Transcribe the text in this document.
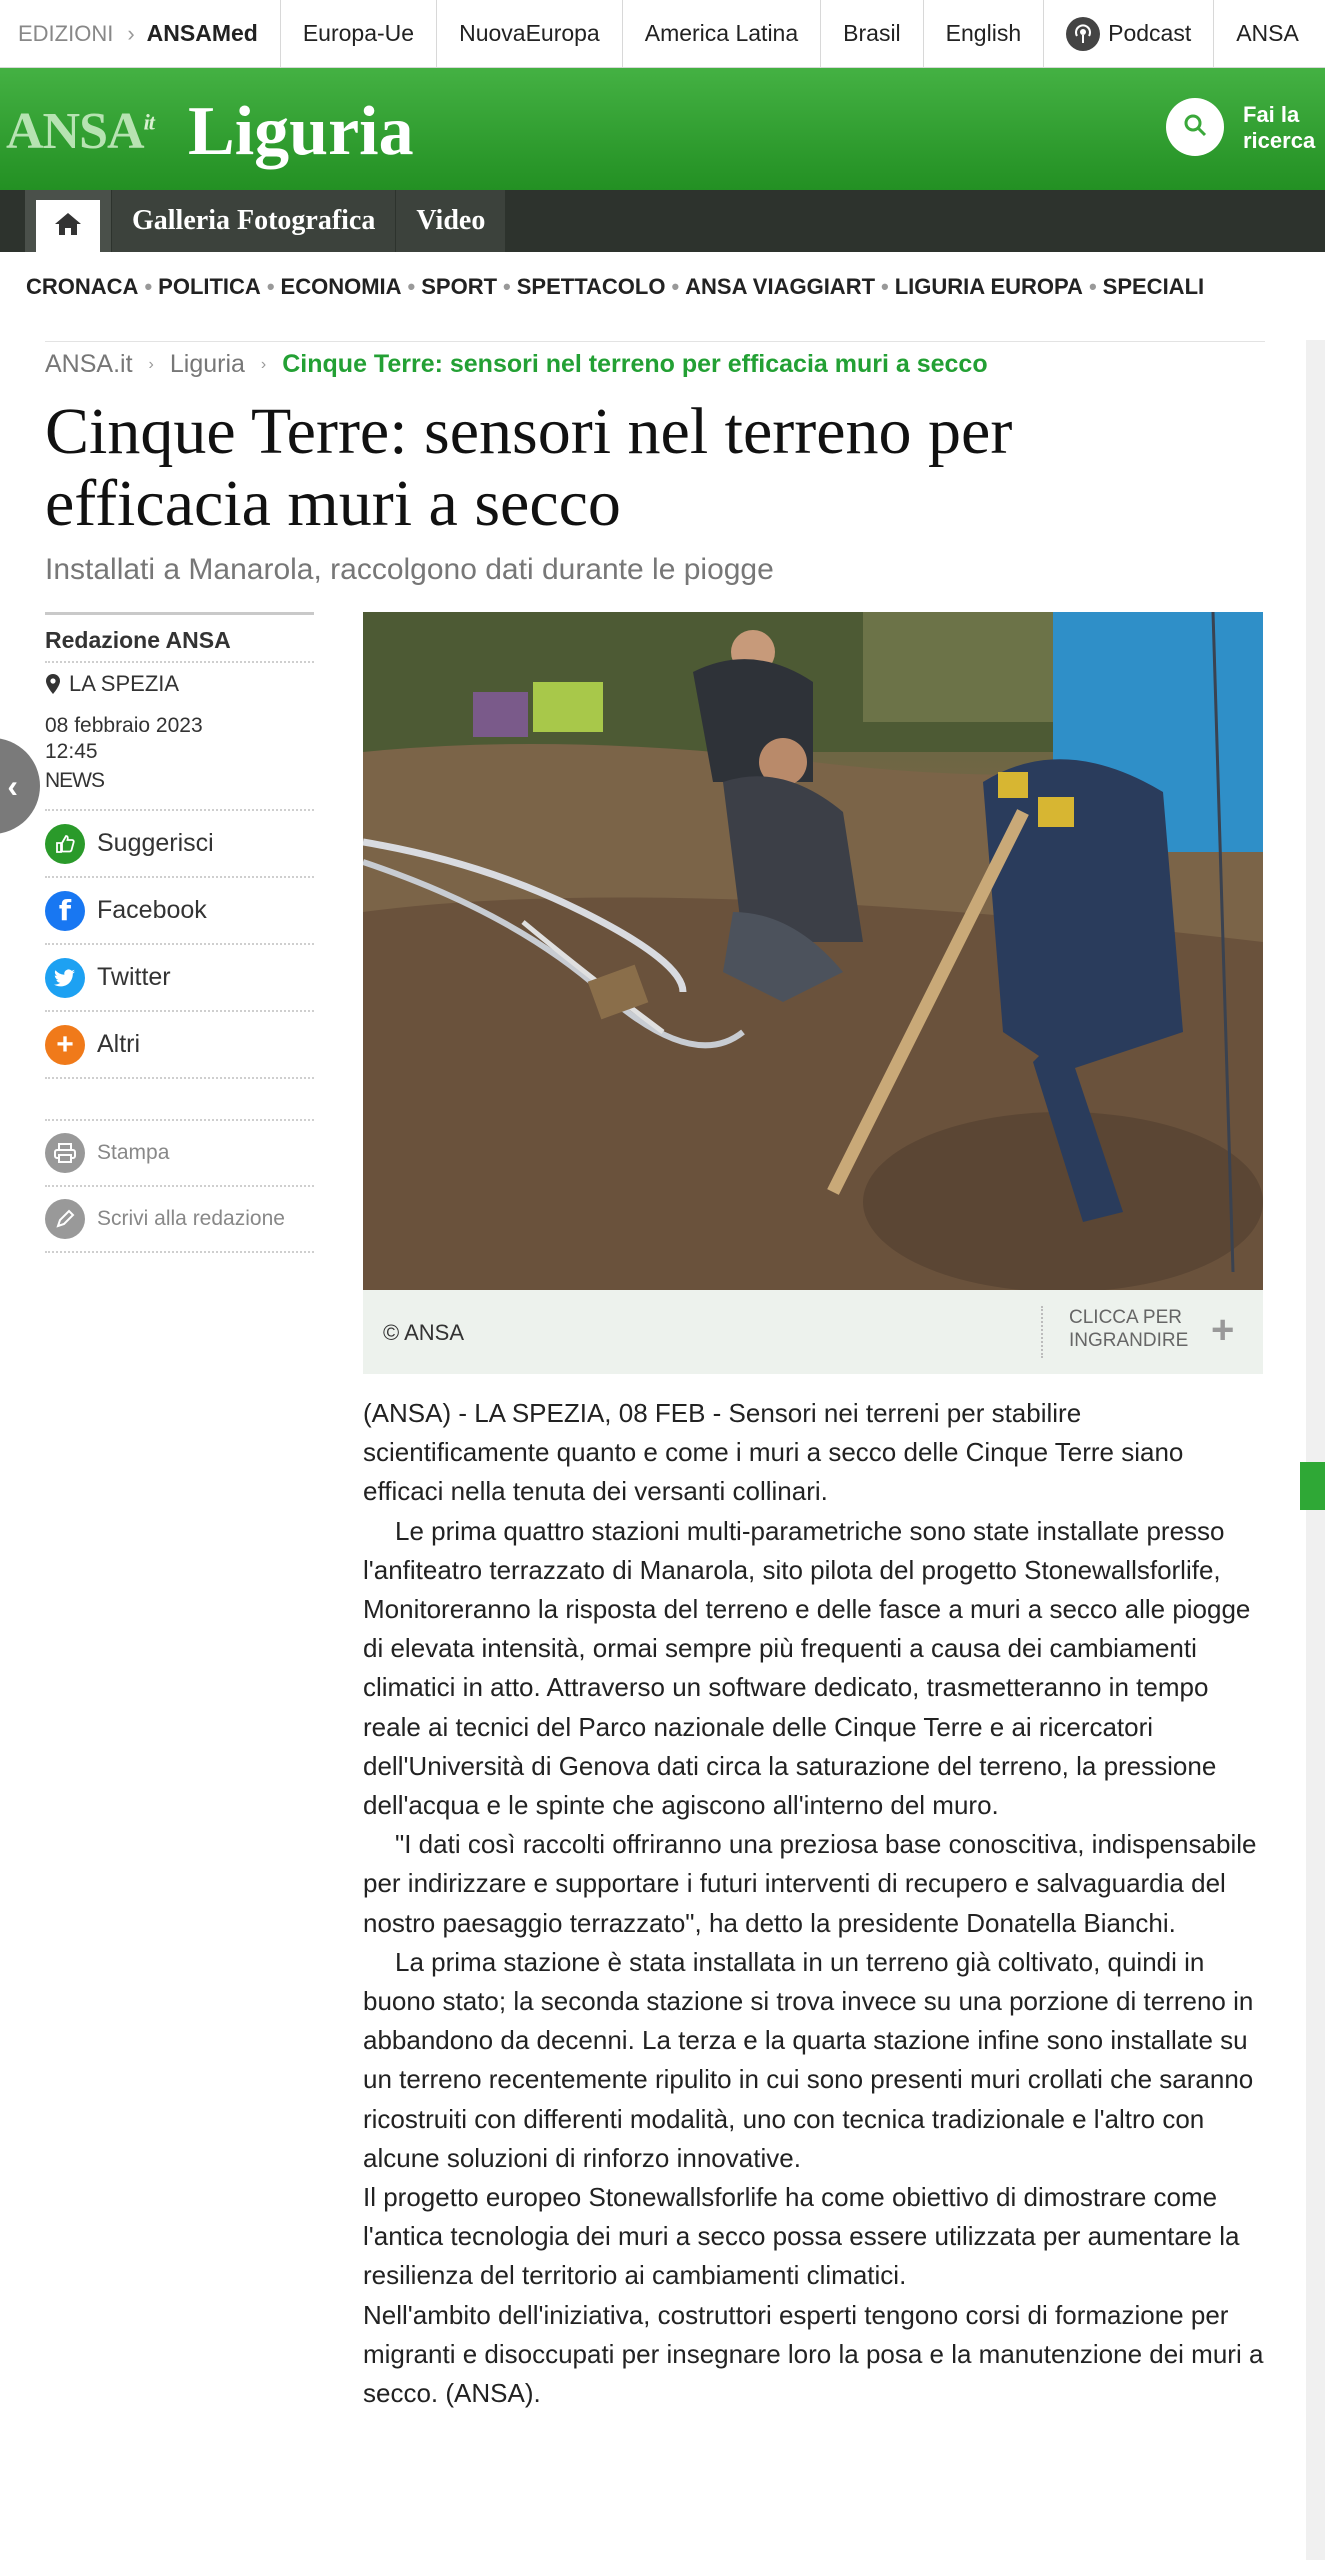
EDIZIONI › ANSAMed	Europa-Ue	NuovaEuropa	America Latina	Brasil	English	Podcast	ANSA
$ANSA^{it}$ Liguria	Fai la ricerca
Galleria Fotografica	Video
CRONACA • POLITICA • ECONOMIA • SPORT • SPETTACOLO • ANSA VIAGGIART • LIGURIA EUROPA • SPECIALI
ANSA.it	› Liguria	› Cinque Terre: sensori nel terreno per efficacia muri a secco
Cinque Terre: sensori nel terreno per efficacia muri a secco
Installati a Manarola, raccolgono dati durante le piogge
Redazione ANSA
LA SPEZIA
08 febbraio 2023
12:45
NEWS
Suggerisci
f	Facebook
Twitter
+ Altri
Stampa
Scrivi alla redazione
‹
© ANSA
CLICCA PER INGRANDIRE +

(ANSA) - LA SPEZIA, 08 FEB - Sensori nei terreni per stabilire scientificamente quanto e come i muri a secco delle Cinque Terre siano efficaci nella tenuta dei versanti collinari.

Le prima quattro stazioni multi-parametriche sono state installate presso l'anfiteatro terrazzato di Manarola, sito pilota del progetto Stonewallsforlife, Monitoreranno la risposta del terreno e delle fasce a muri a secco alle piogge di elevata intensità, ormai sempre più frequenti a causa dei cambiamenti climatici in atto. Attraverso un software dedicato, trasmetteranno in tempo reale ai tecnici del Parco nazionale delle Cinque Terre e ai ricercatori dell'Università di Genova dati circa la saturazione del terreno, la pressione dell'acqua e le spinte che agiscono all'interno del muro.

"I dati così raccolti offriranno una preziosa base conoscitiva, indispensabile per indirizzare e supportare i futuri interventi di recupero e salvaguardia del nostro paesaggio terrazzato", ha detto la presidente Donatella Bianchi.

La prima stazione è stata installata in un terreno già coltivato, quindi in buono stato; la seconda stazione si trova invece su una porzione di terreno in abbandono da decenni. La terza e la quarta stazione infine sono installate su un terreno recentemente ripulito in cui sono presenti muri crollati che saranno ricostruiti con differenti modalità, uno con tecnica tradizionale e l'altro con alcune soluzioni di rinforzo innovative.

Il progetto europeo Stonewallsforlife ha come obiettivo di dimostrare come l'antica tecnologia dei muri a secco possa essere utilizzata per aumentare la resilienza del territorio ai cambiamenti climatici.

Nell'ambito dell'iniziativa, costruttori esperti tengono corsi di formazione per migranti e disoccupati per insegnare loro la posa e la manutenzione dei muri a secco. (ANSA).
